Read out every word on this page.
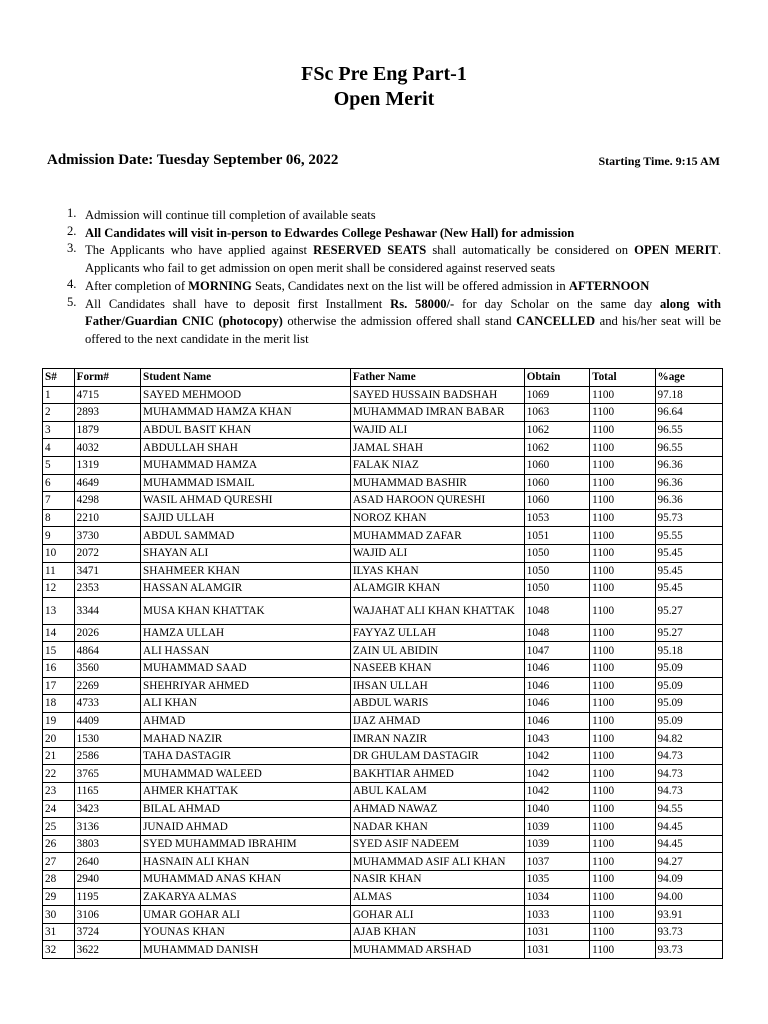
FSc Pre Eng Part-1
Open Merit
Admission Date: Tuesday September 06, 2022	Starting Time. 9:15 AM
1. Admission will continue till completion of available seats
2. All Candidates will visit in-person to Edwardes College Peshawar (New Hall) for admission
3. The Applicants who have applied against RESERVED SEATS shall automatically be considered on OPEN MERIT. Applicants who fail to get admission on open merit shall be considered against reserved seats
4. After completion of MORNING Seats, Candidates next on the list will be offered admission in AFTERNOON
5. All Candidates shall have to deposit first Installment Rs. 58000/- for day Scholar on the same day along with Father/Guardian CNIC (photocopy) otherwise the admission offered shall stand CANCELLED and his/her seat will be offered to the next candidate in the merit list
S#	Form#	Student Name	Father Name	Obtain	Total	%age
1	4715	SAYED MEHMOOD	SAYED HUSSAIN BADSHAH	1069	1100	97.18
2	2893	MUHAMMAD HAMZA KHAN	MUHAMMAD IMRAN BABAR	1063	1100	96.64
3	1879	ABDUL BASIT KHAN	WAJID ALI	1062	1100	96.55
4	4032	ABDULLAH SHAH	JAMAL SHAH	1062	1100	96.55
5	1319	MUHAMMAD HAMZA	FALAK NIAZ	1060	1100	96.36
6	4649	MUHAMMAD ISMAIL	MUHAMMAD BASHIR	1060	1100	96.36
7	4298	WASIL AHMAD QURESHI	ASAD HAROON QURESHI	1060	1100	96.36
8	2210	SAJID ULLAH	NOROZ KHAN	1053	1100	95.73
9	3730	ABDUL SAMMAD	MUHAMMAD ZAFAR	1051	1100	95.55
10	2072	SHAYAN ALI	WAJID ALI	1050	1100	95.45
11	3471	SHAHMEER KHAN	ILYAS KHAN	1050	1100	95.45
12	2353	HASSAN ALAMGIR	ALAMGIR KHAN	1050	1100	95.45
13	3344	MUSA KHAN KHATTAK	WAJAHAT ALI KHAN KHATTAK	1048	1100	95.27
14	2026	HAMZA ULLAH	FAYYAZ ULLAH	1048	1100	95.27
15	4864	ALI HASSAN	ZAIN UL ABIDIN	1047	1100	95.18
16	3560	MUHAMMAD SAAD	NASEEB KHAN	1046	1100	95.09
17	2269	SHEHRIYAR AHMED	IHSAN ULLAH	1046	1100	95.09
18	4733	ALI KHAN	ABDUL WARIS	1046	1100	95.09
19	4409	AHMAD	IJAZ AHMAD	1046	1100	95.09
20	1530	MAHAD NAZIR	IMRAN NAZIR	1043	1100	94.82
21	2586	TAHA DASTAGIR	DR GHULAM DASTAGIR	1042	1100	94.73
22	3765	MUHAMMAD WALEED	BAKHTIAR AHMED	1042	1100	94.73
23	1165	AHMER KHATTAK	ABUL KALAM	1042	1100	94.73
24	3423	BILAL AHMAD	AHMAD NAWAZ	1040	1100	94.55
25	3136	JUNAID AHMAD	NADAR KHAN	1039	1100	94.45
26	3803	SYED MUHAMMAD IBRAHIM	SYED ASIF NADEEM	1039	1100	94.45
27	2640	HASNAIN ALI KHAN	MUHAMMAD ASIF ALI KHAN	1037	1100	94.27
28	2940	MUHAMMAD ANAS KHAN	NASIR KHAN	1035	1100	94.09
29	1195	ZAKARYA ALMAS	ALMAS	1034	1100	94.00
30	3106	UMAR GOHAR ALI	GOHAR ALI	1033	1100	93.91
31	3724	YOUNAS KHAN	AJAB KHAN	1031	1100	93.73
32	3622	MUHAMMAD DANISH	MUHAMMAD ARSHAD	1031	1100	93.73
